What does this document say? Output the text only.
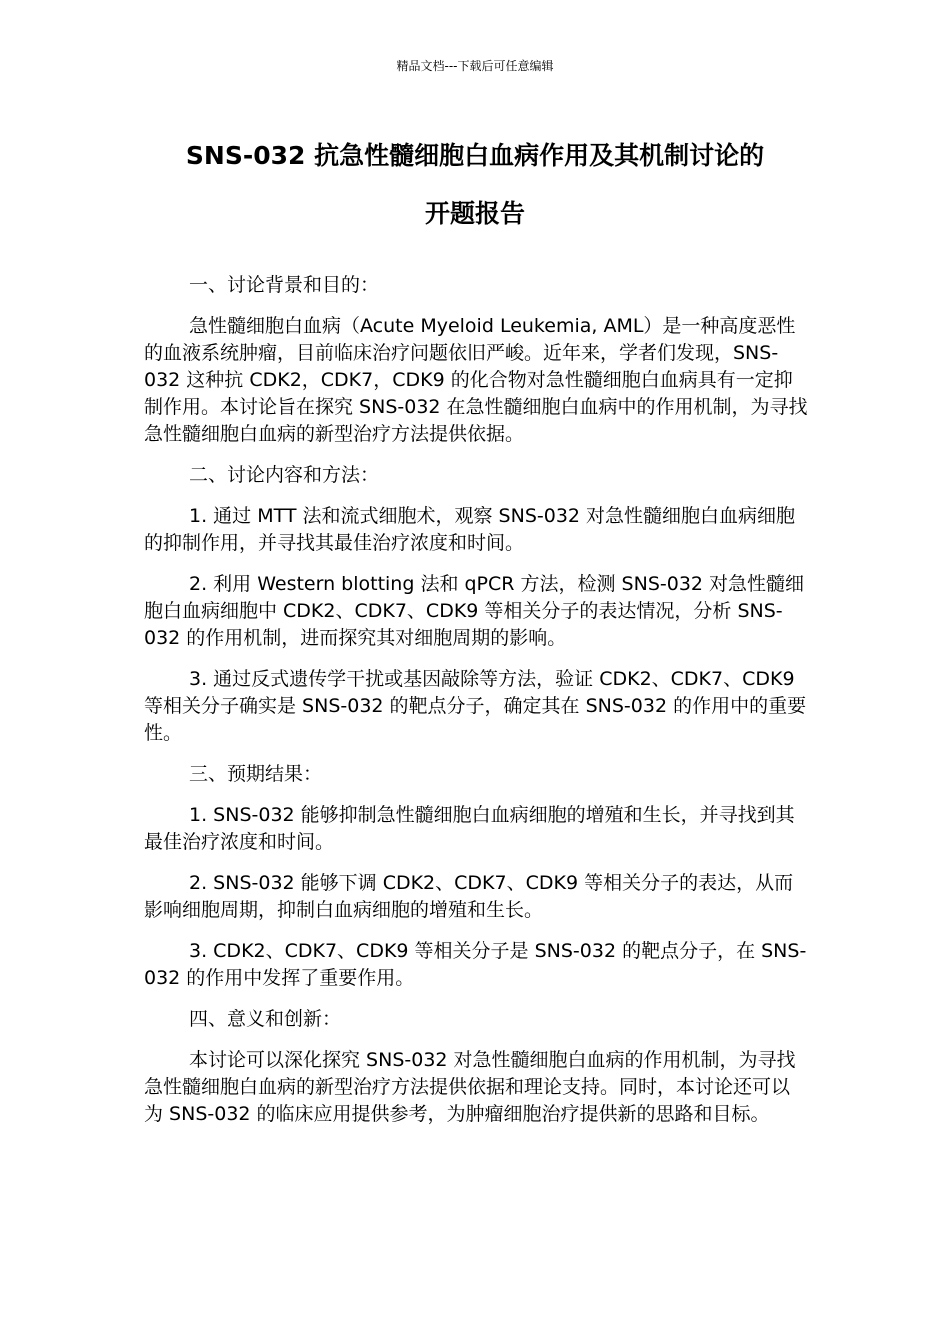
精品文档---下载后可任意编辑
SNS-032 抗急性髓细胞白血病作用及其机制讨论的
开题报告

一、讨论背景和目的：

急性髓细胞白血病（Acute Myeloid Leukemia, AML）是一种高度恶性的血液系统肿瘤，目前临床治疗问题依旧严峻。近年来，学者们发现，SNS-032 这种抗 CDK2，CDK7，CDK9 的化合物对急性髓细胞白血病具有一定抑制作用。本讨论旨在探究 SNS-032 在急性髓细胞白血病中的作用机制，为寻找急性髓细胞白血病的新型治疗方法提供依据。

二、讨论内容和方法：

1. 通过 MTT 法和流式细胞术，观察 SNS-032 对急性髓细胞白血病细胞的抑制作用，并寻找其最佳治疗浓度和时间。

2. 利用 Western blotting 法和 qPCR 方法，检测 SNS-032 对急性髓细胞白血病细胞中 CDK2、CDK7、CDK9 等相关分子的表达情况，分析 SNS-032 的作用机制，进而探究其对细胞周期的影响。

3. 通过反式遗传学干扰或基因敲除等方法，验证 CDK2、CDK7、CDK9 等相关分子确实是 SNS-032 的靶点分子，确定其在 SNS-032 的作用中的重要性。

三、预期结果：

1. SNS-032 能够抑制急性髓细胞白血病细胞的增殖和生长，并寻找到其最佳治疗浓度和时间。

2. SNS-032 能够下调 CDK2、CDK7、CDK9 等相关分子的表达，从而影响细胞周期，抑制白血病细胞的增殖和生长。

3. CDK2、CDK7、CDK9 等相关分子是 SNS-032 的靶点分子，在 SNS-032 的作用中发挥了重要作用。

四、意义和创新：

本讨论可以深化探究 SNS-032 对急性髓细胞白血病的作用机制，为寻找急性髓细胞白血病的新型治疗方法提供依据和理论支持。同时，本讨论还可以为 SNS-032 的临床应用提供参考，为肿瘤细胞治疗提供新的思路和目标。
